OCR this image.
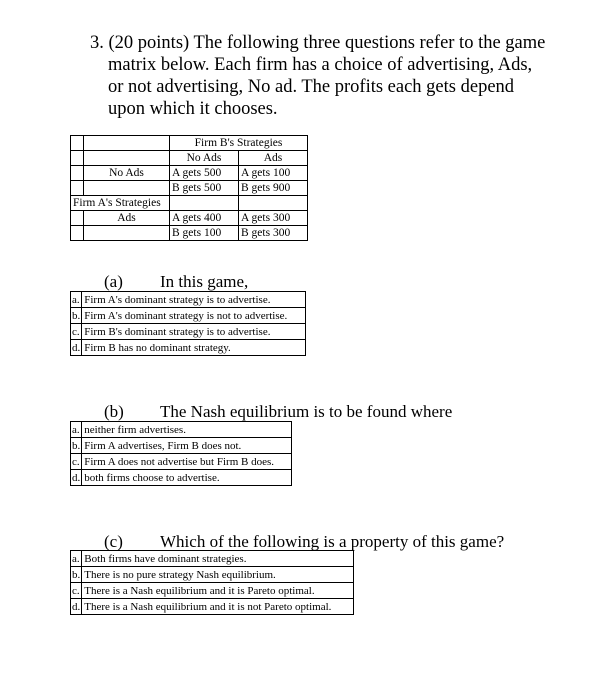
3. (20 points) The following three questions refer to the game
matrix below. Each firm has a choice of advertising, Ads,
or not advertising, No ad. The profits each gets depend
upon which it chooses.
		Firm B's Strategies	
		No Ads	Ads
	No Ads	A gets 500	A gets 100
		B gets 500	B gets 900
Firm A's Strategies			
	Ads	A gets 400	A gets 300
		B gets 100	B gets 300
(a) In this game,
a.	Firm A's dominant strategy is to advertise.
b.	Firm A's dominant strategy is not to advertise.
c.	Firm B's dominant strategy is to advertise.
d.	Firm B has no dominant strategy.
(b) The Nash equilibrium is to be found where
a.	neither firm advertises.
b.	Firm A advertises, Firm B does not.
c.	Firm A does not advertise but Firm B does.
d.	both firms choose to advertise.
(c) Which of the following is a property of this game?
a.	Both firms have dominant strategies.
b.	There is no pure strategy Nash equilibrium.
c.	There is a Nash equilibrium and it is Pareto optimal.
d.	There is a Nash equilibrium and it is not Pareto optimal.
